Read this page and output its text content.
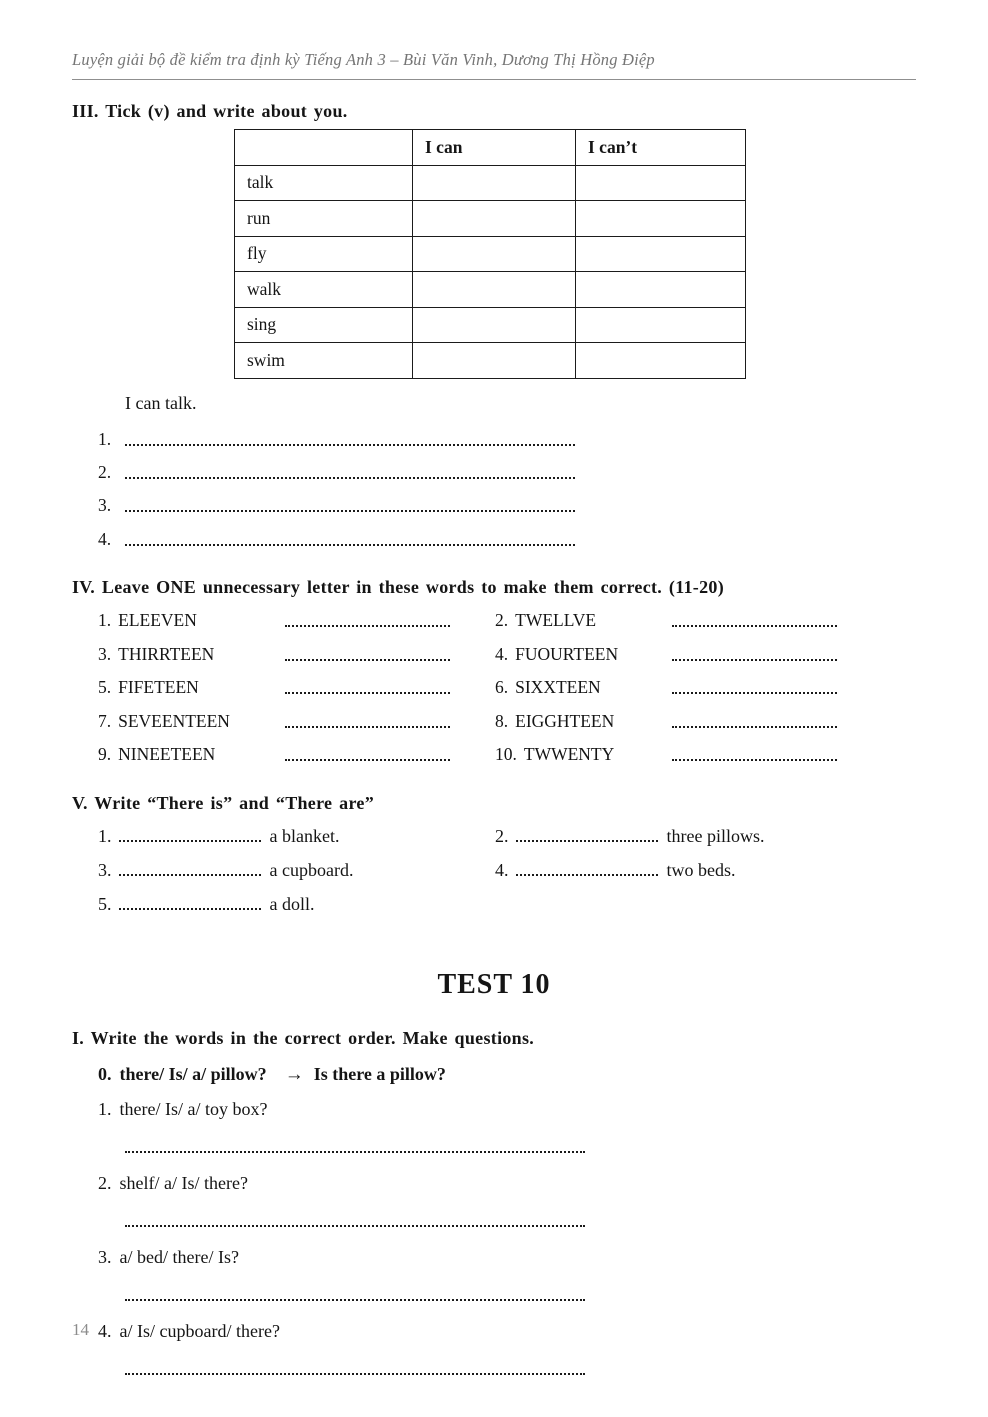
Luyện giải bộ đề kiểm tra định kỳ Tiếng Anh 3 – Bùi Văn Vinh, Dương Thị Hồng Điệp
III. Tick (v) and write about you.
	I can	I can’t
talk		
run		
fly		
walk		
sing		
swim		
I can talk.
1.
2.
3.
4.
IV. Leave ONE unnecessary letter in these words to make them correct. (11-20)
1. ELEEVEN	2. TWELLVE
3. THIRRTEEN	4. FUOURTEEN
5. FIFETEEN	6. SIXXTEEN
7. SEVEENTEEN	8. EIGGHTEEN
9. NINEETEEN	10. TWWENTY
V. Write “There is” and “There are”
1.	a blanket.	2.	three pillows.
3.	a cupboard.	4.	two beds.
5.	a doll.
TEST 10
I. Write the words in the correct order. Make questions.
0. there/ Is/ a/ pillow? → Is there a pillow?
1. there/ Is/ a/ toy box?
2. shelf/ a/ Is/ there?
3. a/ bed/ there/ Is?
4. a/ Is/ cupboard/ there?
14
